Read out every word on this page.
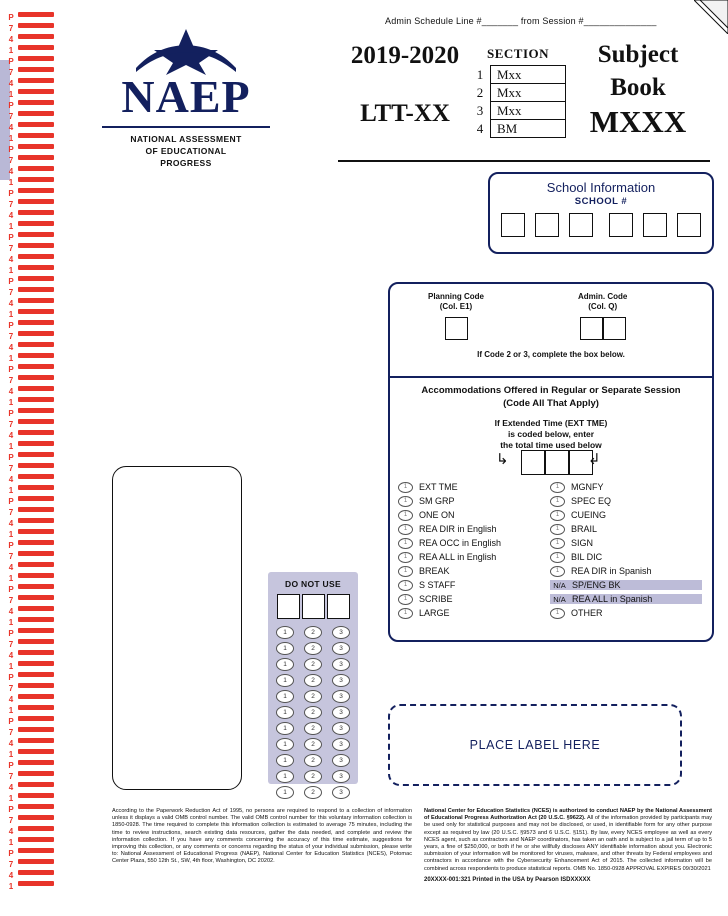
P
7
4
1
P
7
4
1
P
7
4
1
P
7
4
1
P
7
4
1
P
7
4
1
P
7
4
1
P
7
4
1
P
7
4
1
P
7
4
1
P
7
4
1
P
7
4
1
P
7
4
1
P
7
4
1
P
7
4
1
P
7
4
1
P
7
4
1
P
7
4
1
P
7
4
1
P
7
4
1
Admin Schedule Line #_______ from Session #______________
NAEP
NATIONAL ASSESSMENT
OF EDUCATIONAL
PROGRESS
2019-2020
LTT-XX
SECTION
1	Mxx
2	Mxx
3	Mxx
4	BM
Subject
Book
MXXX
School Information
SCHOOL #
Planning Code
(Col. E1)
Admin. Code
(Col. Q)
If Code 2 or 3, complete the box below.
Accommodations Offered in Regular or Separate Session
(Code All That Apply)
If Extended Time (EXT TME)
is coded below, enter
the total time used below
↳	↲
1	EXT TME	1	MGNFY
1	SM GRP	1	SPEC EQ
1	ONE ON	1	CUEING
1	REA DIR in English	1	BRAIL
1	REA OCC in English	1	SIGN
1	REA ALL in English	1	BIL DIC
1	BREAK	1	REA DIR in Spanish
1	S STAFF	N/A SP/ENG BK
1	SCRIBE	N/A REA ALL in Spanish
1	LARGE	1	OTHER
DO NOT USE
1	2	3
1	2	3
1	2	3
1	2	3
1	2	3
1	2	3
1	2	3
1	2	3
1	2	3
1	2	3
1	2	3
PLACE LABEL HERE
According to the Paperwork Reduction Act of 1995, no persons are required to respond to a collection of information unless it displays a valid OMB control number. The valid OMB control number for this voluntary information collection is 1850-0928. The time required to complete this information collection is estimated to average 75 minutes, including the time to review instructions, search existing data resources, gather the data needed, and complete and review the information collection. If you have any comments concerning the accuracy of this time estimate, suggestions for improving this collection, or any comments or concerns regarding the status of your individual submission, please write to: National Assessment of Educational Progress (NAEP), National Center for Education Statistics (NCES), Potomac Center Plaza, 550 12th St., SW, 4th floor, Washington, DC 20202.
National Center for Education Statistics (NCES) is authorized to conduct NAEP by the National Assessment of Educational Progress Authorization Act (20 U.S.C. §9622). All of the information provided by participants may be used only for statistical purposes and may not be disclosed, or used, in identifiable form for any other purpose except as required by law (20 U.S.C. §9573 and 6 U.S.C. §151). By law, every NCES employee as well as every NCES agent, such as contractors and NAEP coordinators, has taken an oath and is subject to a jail term of up to 5 years, a fine of $250,000, or both if he or she willfully discloses ANY identifiable information about you. Electronic submission of your information will be monitored for viruses, malware, and other threats by Federal employees and contractors in accordance with the Cybersecurity Enhancement Act of 2015. The collected information will be combined across respondents to produce statistical reports. OMB No. 1850-0928 APPROVAL EXPIRES 09/30/2021
20XXXX-001:321 Printed in the USA by Pearson ISDXXXXX
